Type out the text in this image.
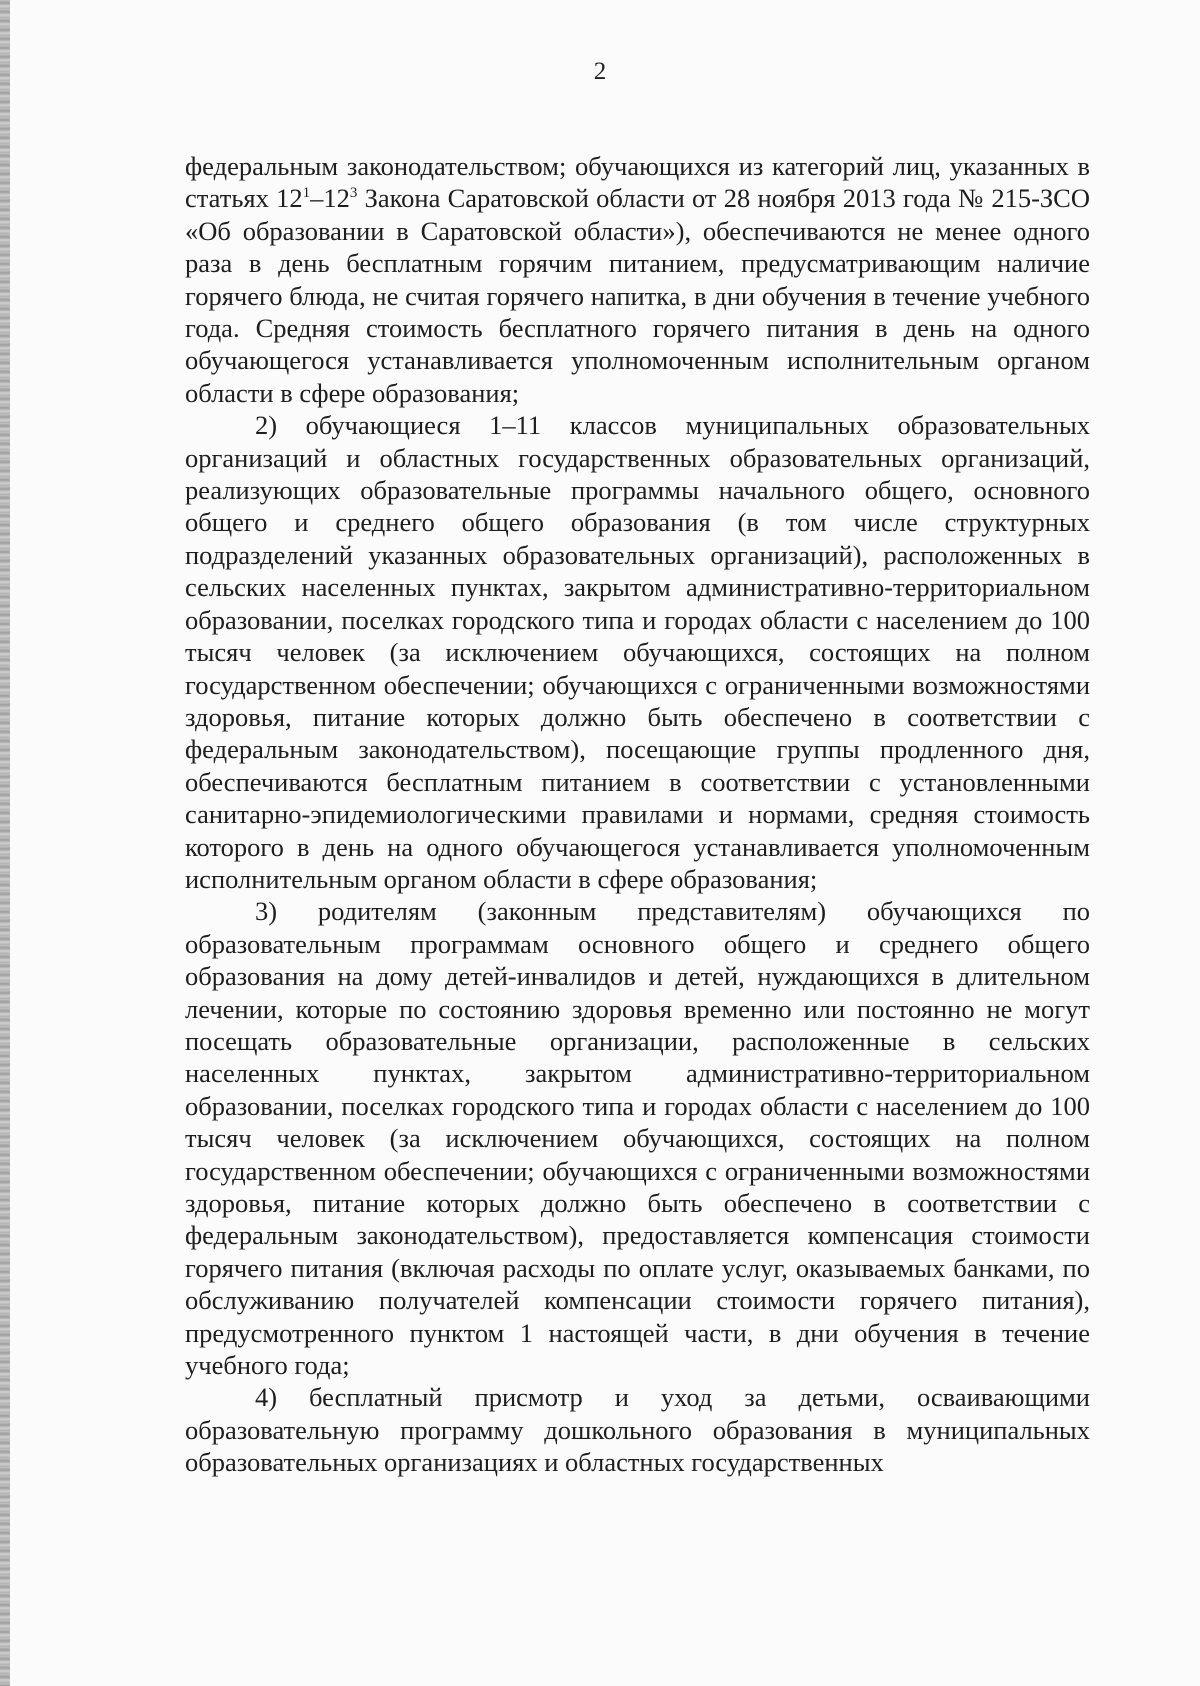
2

федеральным законодательством; обучающихся из категорий лиц, указанных в статьях $12^1-12^3$ Закона Саратовской области от 28 ноября 2013 года № 215-ЗСО «Об образовании в Саратовской области»), обеспечиваются не менее одного раза в день бесплатным горячим питанием, предусматривающим наличие горячего блюда, не считая горячего напитка, в дни обучения в течение учебного года. Средняя стоимость бесплатного горячего питания в день на одного обучающегося устанавливается уполномоченным исполнительным органом области в сфере образования;

2) обучающиеся 1–11 классов муниципальных образовательных организаций и областных государственных образовательных организаций, реализующих образовательные программы начального общего, основного общего и среднего общего образования (в том числе структурных подразделений указанных образовательных организаций), расположенных в сельских населенных пунктах, закрытом административно-территориальном образовании, поселках городского типа и городах области с населением до 100 тысяч человек (за исключением обучающихся, состоящих на полном государственном обеспечении; обучающихся с ограниченными возможностями здоровья, питание которых должно быть обеспечено в соответствии с федеральным законодательством), посещающие группы продленного дня, обеспечиваются бесплатным питанием в соответствии с установленными санитарно-эпидемиологическими правилами и нормами, средняя стоимость которого в день на одного обучающегося устанавливается уполномоченным исполнительным органом области в сфере образования;

3) родителям (законным представителям) обучающихся по образовательным программам основного общего и среднего общего образования на дому детей-инвалидов и детей, нуждающихся в длительном лечении, которые по состоянию здоровья временно или постоянно не могут посещать образовательные организации, расположенные в сельских населенных пунктах, закрытом административно-территориальном образовании, поселках городского типа и городах области с населением до 100 тысяч человек (за исключением обучающихся, состоящих на полном государственном обеспечении; обучающихся с ограниченными возможностями здоровья, питание которых должно быть обеспечено в соответствии с федеральным законодательством), предоставляется компенсация стоимости горячего питания (включая расходы по оплате услуг, оказываемых банками, по обслуживанию получателей компенсации стоимости горячего питания), предусмотренного пунктом 1 настоящей части, в дни обучения в течение учебного года;

4) бесплатный присмотр и уход за детьми, осваивающими образовательную программу дошкольного образования в муниципальных образовательных организациях и областных государственных
